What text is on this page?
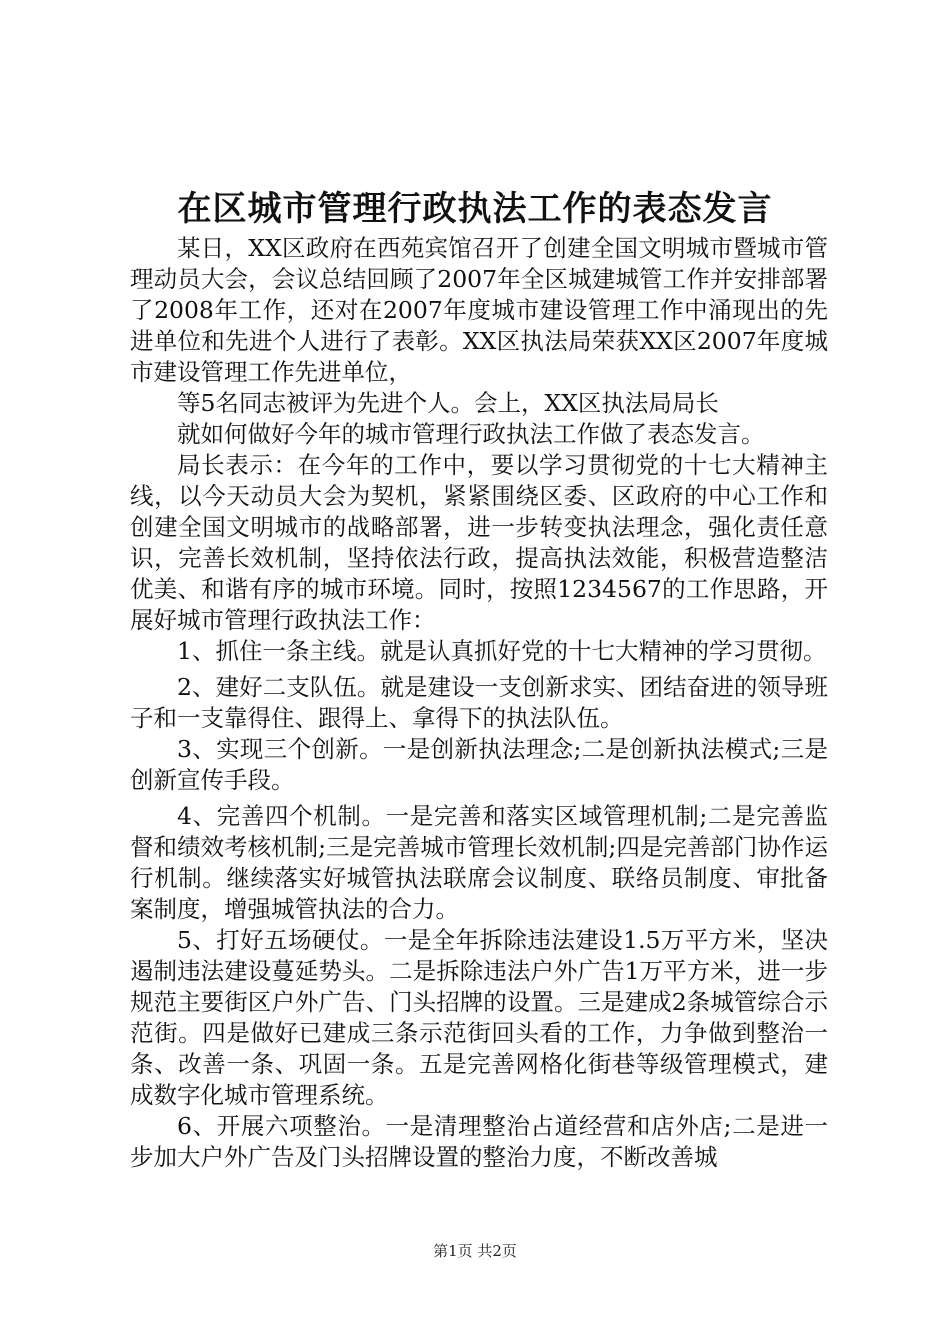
在区城市管理行政执法工作的表态发言

某日，XX区政府在西苑宾馆召开了创建全国文明城市暨城市管理动员大会，会议总结回顾了2007年全区城建城管工作并安排部署了2008年工作，还对在2007年度城市建设管理工作中涌现出的先进单位和先进个人进行了表彰。XX区执法局荣获XX区2007年度城市建设管理工作先进单位，

等5名同志被评为先进个人。会上，XX区执法局局长

就如何做好今年的城市管理行政执法工作做了表态发言。

局长表示：在今年的工作中，要以学习贯彻党的十七大精神主线，以今天动员大会为契机，紧紧围绕区委、区政府的中心工作和创建全国文明城市的战略部署，进一步转变执法理念，强化责任意识，完善长效机制，坚持依法行政，提高执法效能，积极营造整洁优美、和谐有序的城市环境。同时，按照1234567的工作思路，开展好城市管理行政执法工作：

1、抓住一条主线。就是认真抓好党的十七大精神的学习贯彻。

2、建好二支队伍。就是建设一支创新求实、团结奋进的领导班子和一支靠得住、跟得上、拿得下的执法队伍。

3、实现三个创新。一是创新执法理念;二是创新执法模式;三是创新宣传手段。

4、完善四个机制。一是完善和落实区域管理机制;二是完善监督和绩效考核机制;三是完善城市管理长效机制;四是完善部门协作运行机制。继续落实好城管执法联席会议制度、联络员制度、审批备案制度，增强城管执法的合力。

5、打好五场硬仗。一是全年拆除违法建设1.5万平方米，坚决遏制违法建设蔓延势头。二是拆除违法户外广告1万平方米，进一步规范主要街区户外广告、门头招牌的设置。三是建成2条城管综合示范街。四是做好已建成三条示范街回头看的工作，力争做到整治一条、改善一条、巩固一条。五是完善网格化街巷等级管理模式，建成数字化城市管理系统。

6、开展六项整治。一是清理整治占道经营和店外店;二是进一步加大户外广告及门头招牌设置的整治力度，不断改善城

第1页 共2页
